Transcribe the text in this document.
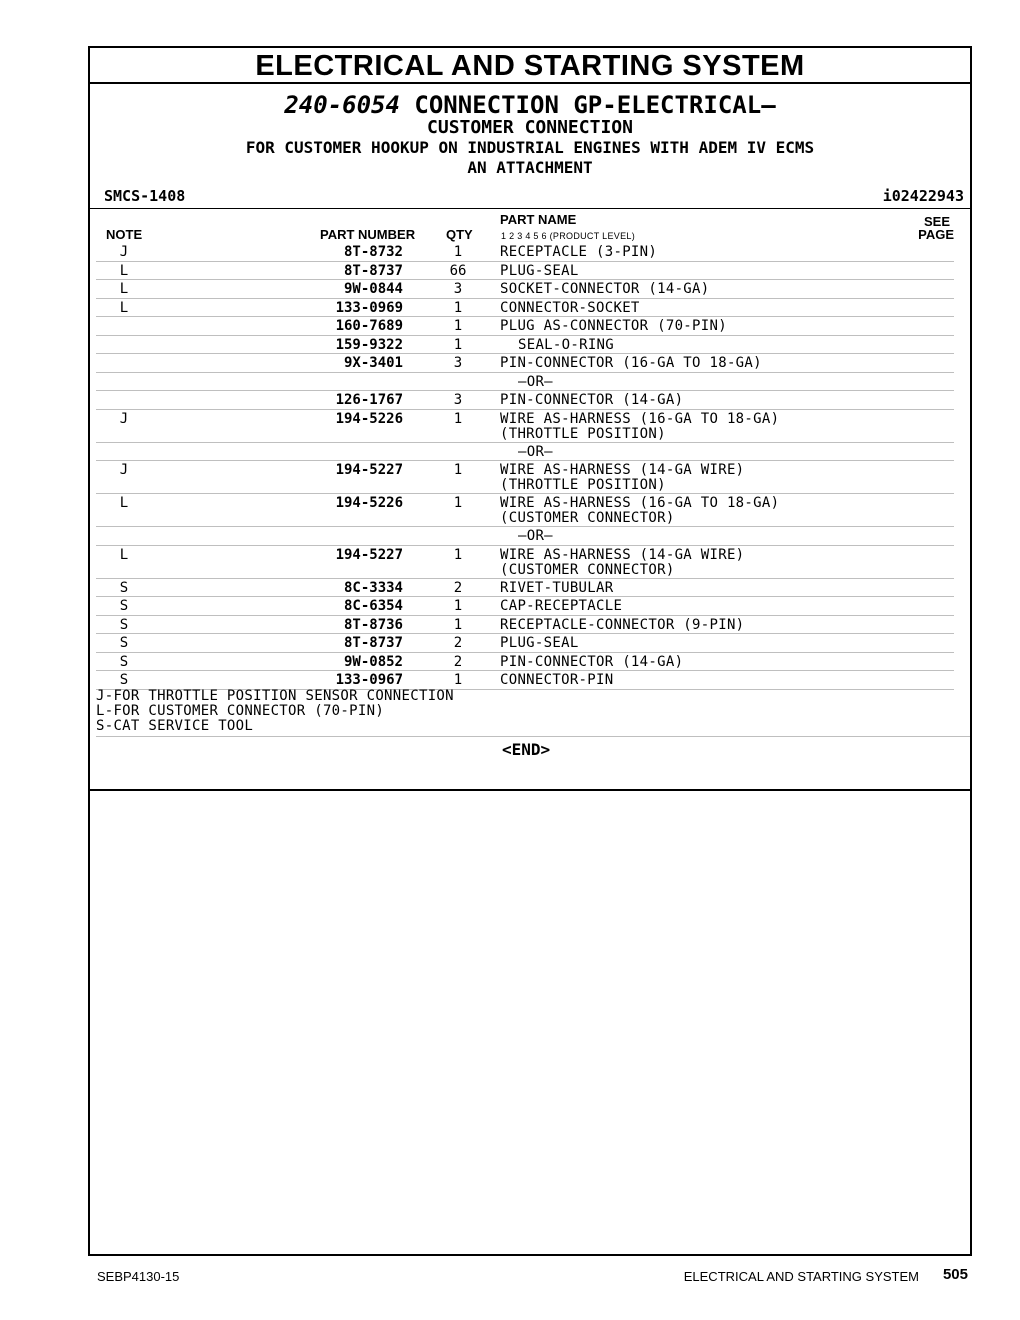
ELECTRICAL AND STARTING SYSTEM
240-6054 CONNECTION GP-ELECTRICAL–
CUSTOMER CONNECTION
FOR CUSTOMER HOOKUP ON INDUSTRIAL ENGINES WITH ADEM IV ECMS
AN ATTACHMENT
SMCS-1408	i02422943
NOTE	PART NUMBER QTY
PART NAME
1 2 3 4 5 6 (PRODUCT LEVEL)
SEE
PAGE
J	8T-8732	1	RECEPTACLE (3-PIN)
L	8T-8737	66	PLUG-SEAL
L	9W-0844	3	SOCKET-CONNECTOR (14-GA)
L	133-0969	1	CONNECTOR-SOCKET
160-7689	1	PLUG AS-CONNECTOR (70-PIN)
159-9322	1	SEAL-O-RING
9X-3401	3	PIN-CONNECTOR (16-GA TO 18-GA)
—OR—
126-1767	3	PIN-CONNECTOR (14-GA)
J	194-5226	1	WIRE AS-HARNESS (16-GA TO 18-GA)
(THROTTLE POSITION)
—OR—
J	194-5227	1	WIRE AS-HARNESS (14-GA WIRE)
(THROTTLE POSITION)
L	194-5226	1	WIRE AS-HARNESS (16-GA TO 18-GA)
(CUSTOMER CONNECTOR)
—OR—
L	194-5227	1	WIRE AS-HARNESS (14-GA WIRE)
(CUSTOMER CONNECTOR)
S	8C-3334	2	RIVET-TUBULAR
S	8C-6354	1	CAP-RECEPTACLE
S	8T-8736	1	RECEPTACLE-CONNECTOR (9-PIN)
S	8T-8737	2	PLUG-SEAL
S	9W-0852	2	PIN-CONNECTOR (14-GA)
S	133-0967	1	CONNECTOR-PIN
J-FOR THROTTLE POSITION SENSOR CONNECTION
L-FOR CUSTOMER CONNECTOR (70-PIN)
S-CAT SERVICE TOOL
<END>
SEBP4130-15	ELECTRICAL AND STARTING SYSTEM 505
